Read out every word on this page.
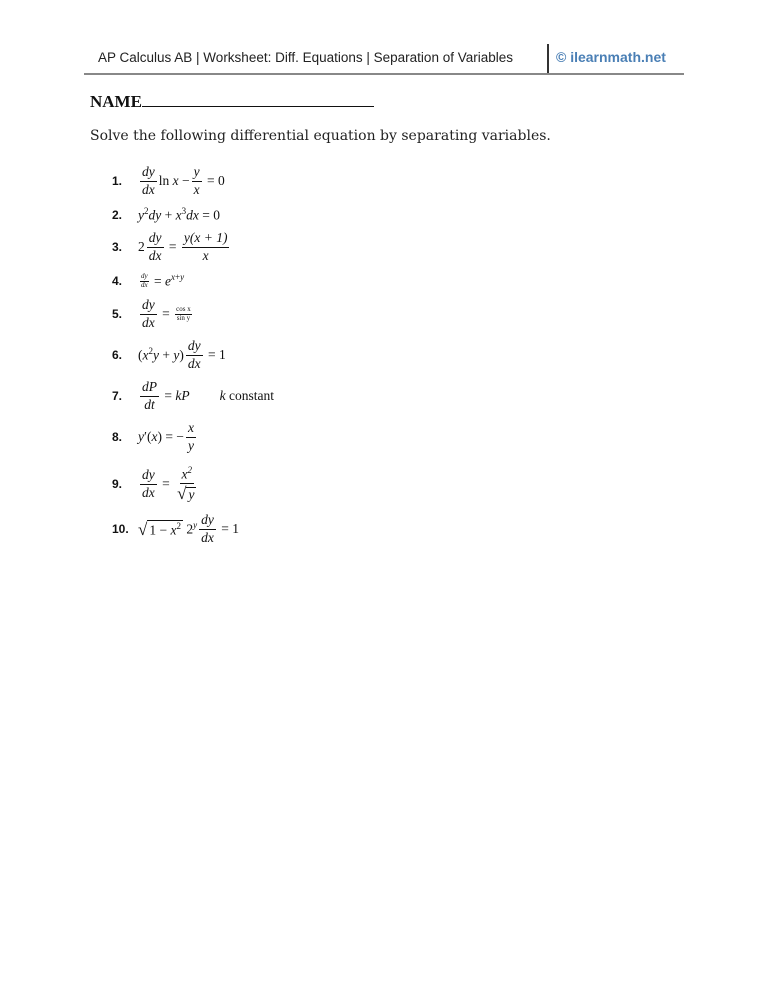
AP Calculus AB | Worksheet: Diff. Equations | Separation of Variables	© ilearnmath.net
NAME
Solve the following differential equation by separating variables.
1.	$\frac{dy}{dx}$ $\ln x - \frac{y}{x} = 0$
2.	$y^2dy + x^3dx = 0$
3.	$2 \frac{dy}{dx} = \frac{y(x + 1)}{x}$
4.	$\frac{dy}{dx} = e^{x+y}$
5.	$\frac{dy}{dx} = \frac{\text{cos x}}{\text{sin y}}$
6.	$(x^2y + y) \frac{dy}{dx} = 1$
7.	$\frac{dP}{dt}$ = kP k constant
8.	y′(x) = − $\frac{x}{y}$
9.	$\frac{dy}{dx} = \frac{x^2}{√ y}$
10. √ $1 - x^2$ $2^y \frac{dy}{dx} = 1$
